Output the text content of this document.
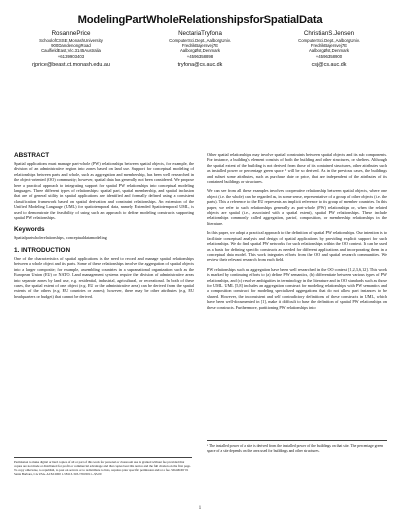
ModelingPartWholeRelationshipsforSpatialData
RosannePrice
SchoolofCSSE,MonashUniversity
900DandenongRoad
CaulfieldEast,Vic.3145Australia
+6139903403
rjprice@beast.ct.monash.edu.au
NectariaTryfona
ComputerSci.Dept.,AalborgUniv.
FredrikBajersvej7E
AalborgØst,Denmark
+4596358898
tryfona@cs.auc.dk
ChristianS.Jensen
ComputerSci.Dept.,AalborgUniv.
FredrikBajersvej7E
AalborgØst,Denmark
+4596358900
csj@cs.auc.dk
ABSTRACT

Spatial applications must manage part-whole (PW) relationships between spatial objects, for example, the division of an administrative region into zones based on land use. Support for conceptual modeling of relationships between parts and whole, such as aggregation and membership, has been well researched in the object-oriented (OO) community; however, spatial data has generally not been considered. We propose here a practical approach to integrating support for spatial PW relationships into conceptual modeling languages. Three different types of relationships: spatial part, spatial membership, and spatial inclusion that are of general utility in spatial applications are identified and formally defined using a consistent classification framework based on spatial derivation and constraint relationships. An extension of the Unified Modeling Language (UML) for spatiotemporal data, namely Extended Spatiotemporal UML, is used to demonstrate the feasibility of using such an approach to define modeling constructs supporting spatial PW relationships.

Keywords

Spatialpartwholerelationships, conceptualdatamodeling

1. INTRODUCTION

One of the characteristics of spatial applications is the need to record and manage spatial relationships between a whole object and its parts. Some of these relationships involve the aggregation of spatial objects into a larger composite; for example, assembling countries in a supranational organization such as the European Union (EU) or NATO. Land management systems require the division of administrative areas into separate zones by land use, e.g. residential, industrial, agricultural, or recreational. In both of these cases, the spatial extent of one object (e.g. EU or the administrative area) can be derived from the spatial extents of the others (e.g. EU countries or zones); however, there may be other attributes (e.g. EU headquarters or budget) that cannot be derived.

Permission to make digital or hard copies of all or part of this work for personal or classroom use is granted without fee provided that copies are not made or distributed for profit or commercial advantage and that copies bear this notice and the full citation on the first page. To copy otherwise, to republish, to post on servers or to redistribute to lists, requires prior specific permission and/or a fee. SIGMOD '01 Santa Barbara, CA USA. ACM 2000 1-58113-318-7/00/0011...$5.00

Other spatial relationships may involve spatial constraints between spatial objects and its sub components. For instance, a building's element consists of both the building and other structures, or shelters. Although the spatial extent of the building is not derived from those of its contained structures, other attributes such as installed power or percentage green space ¹ will be so derived. As in the previous cases, the buildings and subset some attributes, such as purchase date or price, that are independent of the attributes of its contained buildings or structures.

We can see from all these examples involves cooperative relationship between spatial objects, where one object (i.e. the whole) can be regarded as, in some sense, representative of a group of other objects (i.e. the parts). This a reference to the EU represents an implicit reference to its group of member countries. In this paper, we refer to such relationships generally as part-whole (PW) relationships or, when the related objects are spatial (i.e., associated with a spatial extent), spatial PW relationships. These include relationships commonly called aggregation, partof, composition, or membership relationships in the literature.

In this paper, we adopt a practical approach to the definition of spatial PW relationships. Our intention is to facilitate conceptual analysis and design of spatial applications by providing explicit support for such relationships. We do find spatial PW networks for such relationships within the OO context. It can be used as a basis for defining specific constructs as needed for different applications and incorporating them in a conceptual data model. This work integrates efforts from the OO and spatial research communities. We review their relevant research from each field.

PW relationships such as aggregation have been well researched in the OO context [1,2,3,6,12]. This work is marked by continuing efforts to (a) define PW semantics, (b) differentiate between various types of PW relationships, and (c) resolve ambiguities in terminology in the literature and in OO standards such as those for UML. UML [5,8] includes an aggregation construct for modeling relationships with PW semantics and a composition construct for modeling specialized aggregations that do not allow part instances to be shared. However, the inconsistent and self contradictory definitions of these constructs in UML, which have been well-documented in [1], make it difficult to base the definition of spatial PW relationships on these constructs. Furthermore, partitioning PW relationships into

¹ The installed power of a site is derived from the installed power of the buildings on that site. The percentage green space of a site depends on the area used for buildings and other structures.
1
